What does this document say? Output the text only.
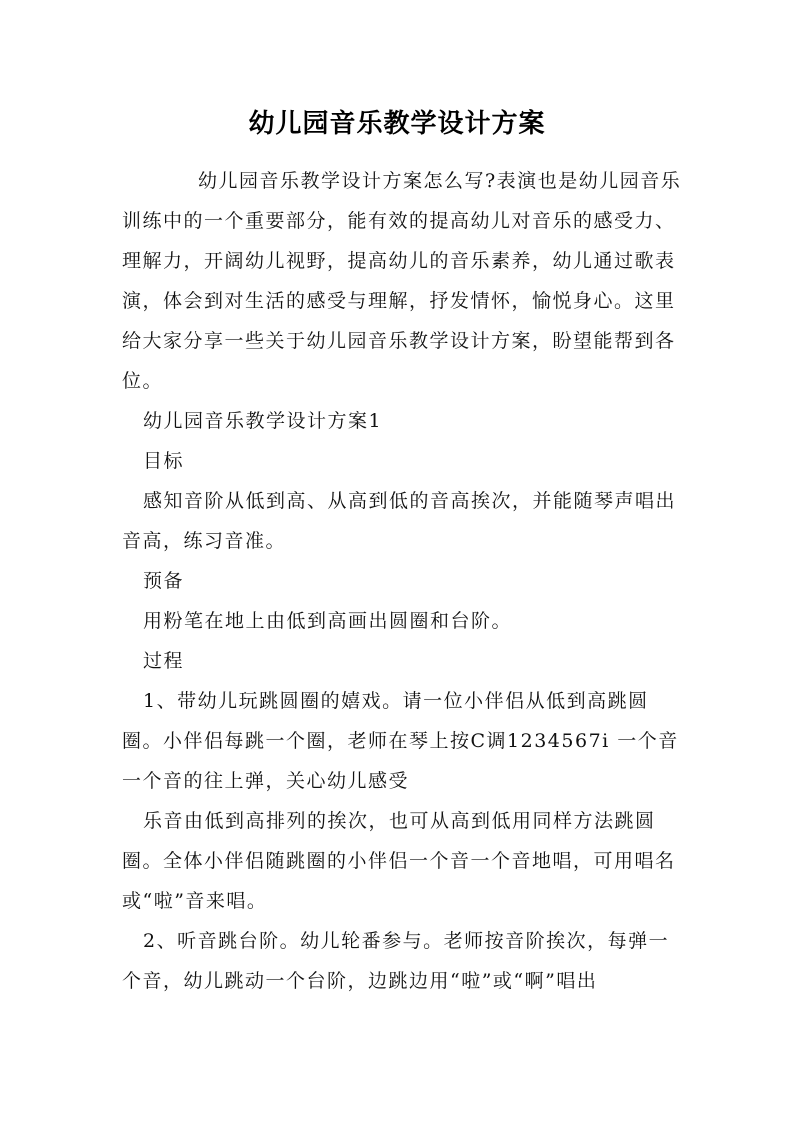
幼儿园音乐教学设计方案

幼儿园音乐教学设计方案怎么写?表演也是幼儿园音乐训练中的一个重要部分，能有效的提高幼儿对音乐的感受力、理解力，开阔幼儿视野，提高幼儿的音乐素养，幼儿通过歌表演，体会到对生活的感受与理解，抒发情怀，愉悦身心。这里给大家分享一些关于幼儿园音乐教学设计方案，盼望能帮到各位。

幼儿园音乐教学设计方案1

目标

感知音阶从低到高、从高到低的音高挨次，并能随琴声唱出音高，练习音准。

预备

用粉笔在地上由低到高画出圆圈和台阶。

过程

1、带幼儿玩跳圆圈的嬉戏。请一位小伴侣从低到高跳圆圈。小伴侣每跳一个圈，老师在琴上按C调1234567i 一个音一个音的往上弹，关心幼儿感受

乐音由低到高排列的挨次，也可从高到低用同样方法跳圆圈。全体小伴侣随跳圈的小伴侣一个音一个音地唱，可用唱名或“啦”音来唱。

2、听音跳台阶。幼儿轮番参与。老师按音阶挨次，每弹一个音，幼儿跳动一个台阶，边跳边用“啦”或“啊”唱出
